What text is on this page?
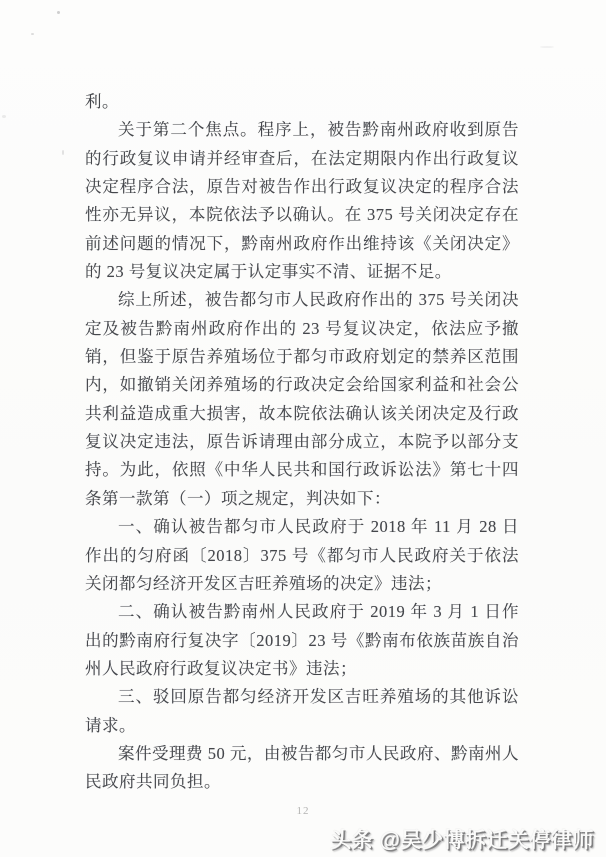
利。

关于第二个焦点。程序上，被告黔南州政府收到原告的行政复议申请并经审查后，在法定期限内作出行政复议决定程序合法，原告对被告作出行政复议决定的程序合法性亦无异议，本院依法予以确认。在 375 号关闭决定存在前述问题的情况下，黔南州政府作出维持该《关闭决定》的 23 号复议决定属于认定事实不清、证据不足。

综上所述，被告都匀市人民政府作出的 375 号关闭决定及被告黔南州政府作出的 23 号复议决定，依法应予撤销，但鉴于原告养殖场位于都匀市政府划定的禁养区范围内，如撤销关闭养殖场的行政决定会给国家利益和社会公共利益造成重大损害，故本院依法确认该关闭决定及行政复议决定违法，原告诉请理由部分成立，本院予以部分支持。为此，依照《中华人民共和国行政诉讼法》第七十四条第一款第（一）项之规定，判决如下：

一、确认被告都匀市人民政府于 2018 年 11 月 28 日作出的匀府函〔2018〕375 号《都匀市人民政府关于依法关闭都匀经济开发区吉旺养殖场的决定》违法；

二、确认被告黔南州人民政府于 2019 年 3 月 1 日作出的黔南府行复决字〔2019〕23 号《黔南布依族苗族自治州人民政府行政复议决定书》违法；

三、驳回原告都匀经济开发区吉旺养殖场的其他诉讼请求。

案件受理费 50 元，由被告都匀市人民政府、黔南州人民政府共同负担。

12
头条 @吴少博拆迁关停律师
